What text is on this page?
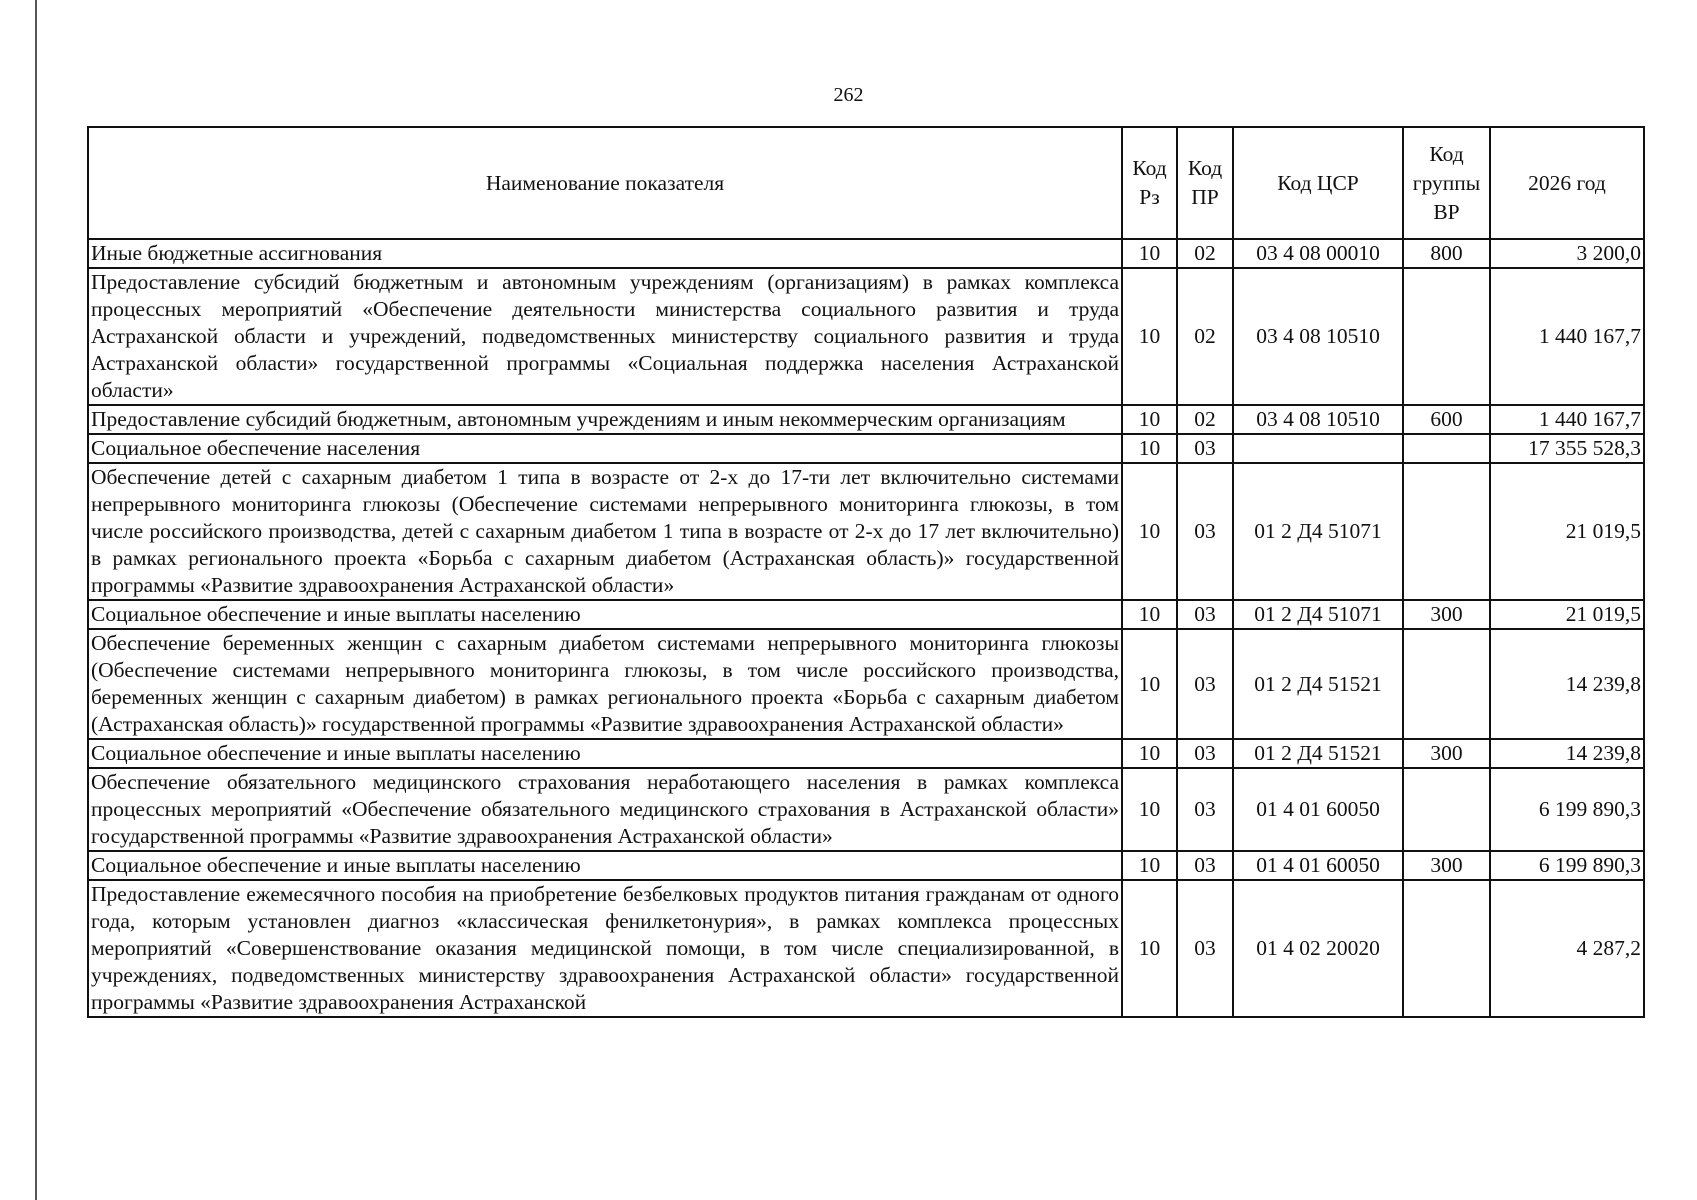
262
Наименование показателя	Код Рз	Код ПР	Код ЦСР	Код группы ВР	2026 год
Иные бюджетные ассигнования	10	02	03 4 08 00010	800	3 200,0
Предоставление субсидий бюджетным и автономным учреждениям (организациям) в рамках комплекса процессных мероприятий «Обеспечение деятельности министерства социального развития и труда Астраханской области и учреждений, подведомственных министерству социального развития и труда Астраханской области» государственной программы «Социальная поддержка населения Астраханской области»	10	02	03 4 08 10510		1 440 167,7
Предоставление субсидий бюджетным, автономным учреждениям и иным некоммерческим организациям	10	02	03 4 08 10510	600	1 440 167,7
Социальное обеспечение населения	10	03			17 355 528,3
Обеспечение детей с сахарным диабетом 1 типа в возрасте от 2-х до 17-ти лет включительно системами непрерывного мониторинга глюкозы (Обеспечение системами непрерывного мониторинга глюкозы, в том числе российского производства, детей с сахарным диабетом 1 типа в возрасте от 2-х до 17 лет включительно) в рамках регионального проекта «Борьба с сахарным диабетом (Астраханская область)» государственной программы «Развитие здравоохранения Астраханской области»	10	03	01 2 Д4 51071		21 019,5
Социальное обеспечение и иные выплаты населению	10	03	01 2 Д4 51071	300	21 019,5
Обеспечение беременных женщин с сахарным диабетом системами непрерывного мониторинга глюкозы (Обеспечение системами непрерывного мониторинга глюкозы, в том числе российского производства, беременных женщин с сахарным диабетом) в рамках регионального проекта «Борьба с сахарным диабетом (Астраханская область)» государственной программы «Развитие здравоохранения Астраханской области»	10	03	01 2 Д4 51521		14 239,8
Социальное обеспечение и иные выплаты населению	10	03	01 2 Д4 51521	300	14 239,8
Обеспечение обязательного медицинского страхования неработающего населения в рамках комплекса процессных мероприятий «Обеспечение обязательного медицинского страхования в Астраханской области» государственной программы «Развитие здравоохранения Астраханской области»	10	03	01 4 01 60050		6 199 890,3
Социальное обеспечение и иные выплаты населению	10	03	01 4 01 60050	300	6 199 890,3
Предоставление ежемесячного пособия на приобретение безбелковых продуктов питания гражданам от одного года, которым установлен диагноз «классическая фенилкетонурия», в рамках комплекса процессных мероприятий «Совершенствование оказания медицинской помощи, в том числе специализированной, в учреждениях, подведомственных министерству здравоохранения Астраханской области» государственной программы «Развитие здравоохранения Астраханской	10	03	01 4 02 20020		4 287,2
